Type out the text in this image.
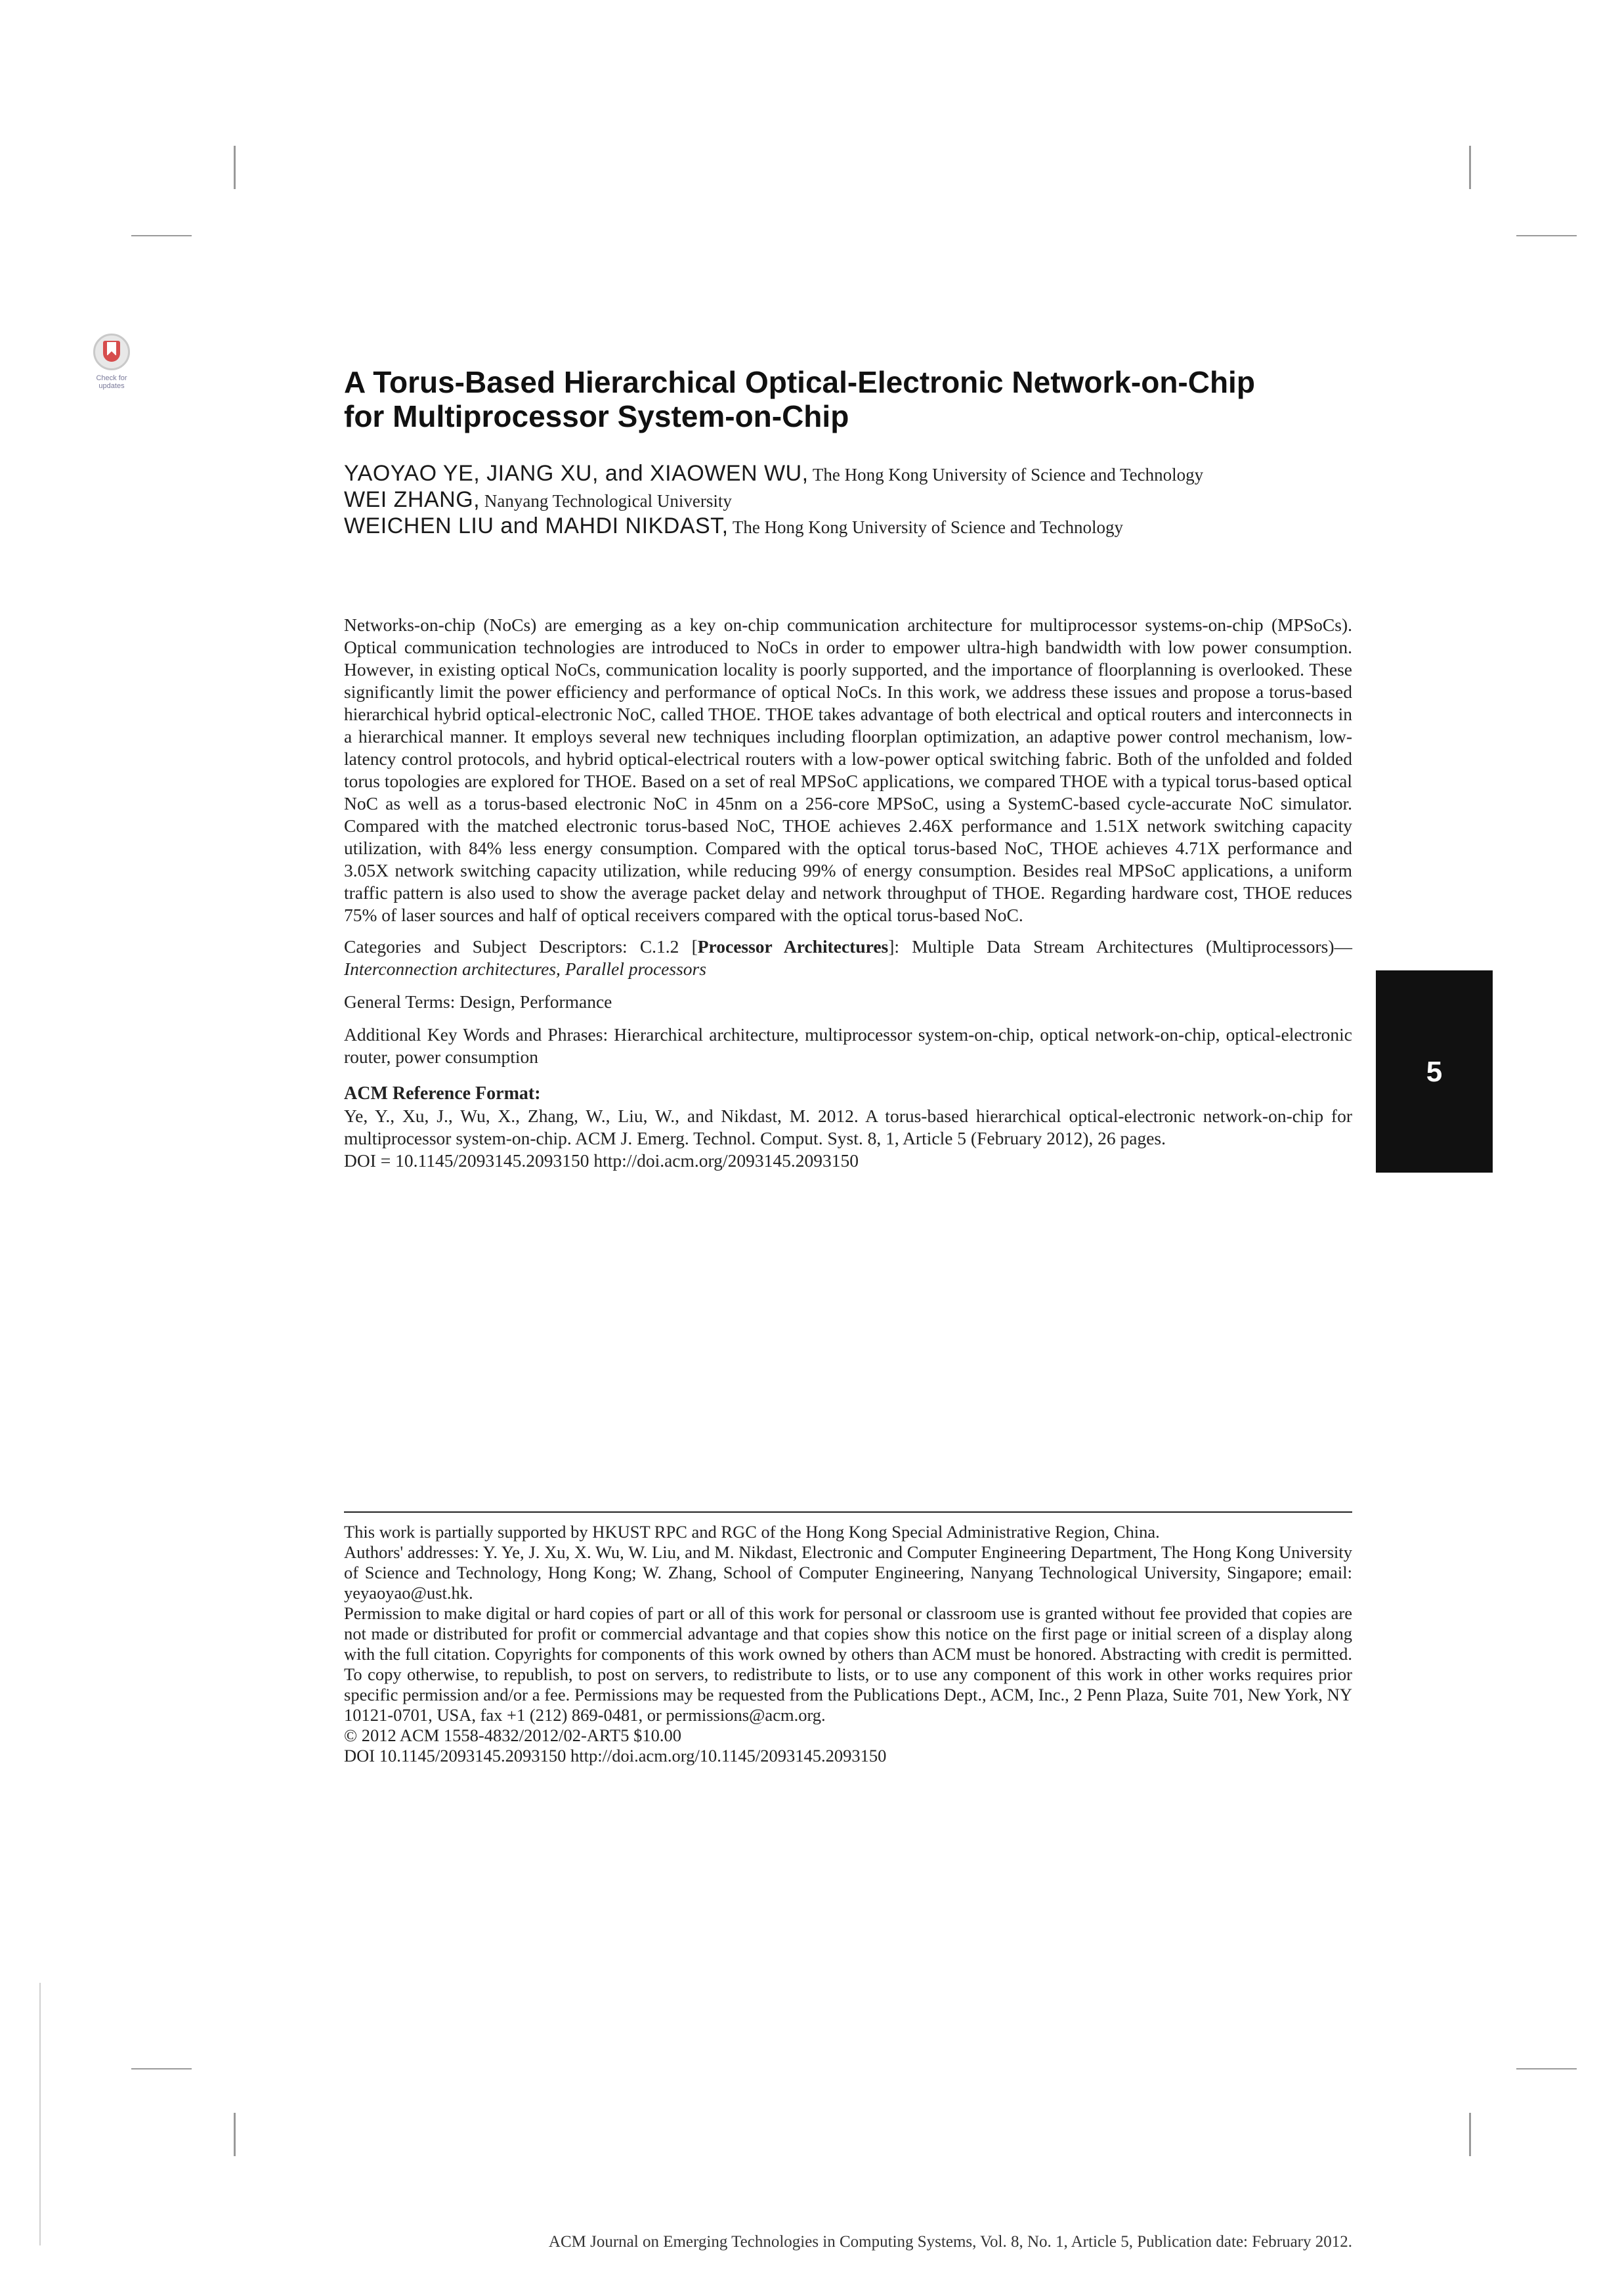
Check for updates	A Torus-Based Hierarchical Optical-Electronic Network-on-Chip
for Multiprocessor System-on-Chip
YAOYAO YE, JIANG XU, and XIAOWEN WU, The Hong Kong University of Science and Technology
WEI ZHANG, Nanyang Technological University
WEICHEN LIU and MAHDI NIKDAST, The Hong Kong University of Science and Technology

Networks-on-chip (NoCs) are emerging as a key on-chip communication architecture for multiprocessor systems-on-chip (MPSoCs). Optical communication technologies are introduced to NoCs in order to empower ultra-high bandwidth with low power consumption. However, in existing optical NoCs, communication locality is poorly supported, and the importance of floorplanning is overlooked. These significantly limit the power efficiency and performance of optical NoCs. In this work, we address these issues and propose a torus-based hierarchical hybrid optical-electronic NoC, called THOE. THOE takes advantage of both electrical and optical routers and interconnects in a hierarchical manner. It employs several new techniques including floorplan optimization, an adaptive power control mechanism, low-latency control protocols, and hybrid optical-electrical routers with a low-power optical switching fabric. Both of the unfolded and folded torus topologies are explored for THOE. Based on a set of real MPSoC applications, we compared THOE with a typical torus-based optical NoC as well as a torus-based electronic NoC in 45nm on a 256-core MPSoC, using a SystemC-based cycle-accurate NoC simulator. Compared with the matched electronic torus-based NoC, THOE achieves 2.46X performance and 1.51X network switching capacity utilization, with 84% less energy consumption. Compared with the optical torus-based NoC, THOE achieves 4.71X performance and 3.05X network switching capacity utilization, while reducing 99% of energy consumption. Besides real MPSoC applications, a uniform traffic pattern is also used to show the average packet delay and network throughput of THOE. Regarding hardware cost, THOE reduces 75% of laser sources and half of optical receivers compared with the optical torus-based NoC.

Categories and Subject Descriptors: C.1.2 [Processor Architectures]: Multiple Data Stream Architectures (Multiprocessors)—Interconnection architectures, Parallel processors

General Terms: Design, Performance

Additional Key Words and Phrases: Hierarchical architecture, multiprocessor system-on-chip, optical network-on-chip, optical-electronic router, power consumption

ACM Reference Format:

Ye, Y., Xu, J., Wu, X., Zhang, W., Liu, W., and Nikdast, M. 2012. A torus-based hierarchical optical-electronic network-on-chip for multiprocessor system-on-chip. ACM J. Emerg. Technol. Comput. Syst. 8, 1, Article 5 (February 2012), 26 pages.

DOI = 10.1145/2093145.2093150 http://doi.acm.org/2093145.2093150

This work is partially supported by HKUST RPC and RGC of the Hong Kong Special Administrative Region, China.

Authors' addresses: Y. Ye, J. Xu, X. Wu, W. Liu, and M. Nikdast, Electronic and Computer Engineering Department, The Hong Kong University of Science and Technology, Hong Kong; W. Zhang, School of Computer Engineering, Nanyang Technological University, Singapore; email: yeyaoyao@ust.hk.

Permission to make digital or hard copies of part or all of this work for personal or classroom use is granted without fee provided that copies are not made or distributed for profit or commercial advantage and that copies show this notice on the first page or initial screen of a display along with the full citation. Copyrights for components of this work owned by others than ACM must be honored. Abstracting with credit is permitted. To copy otherwise, to republish, to post on servers, to redistribute to lists, or to use any component of this work in other works requires prior specific permission and/or a fee. Permissions may be requested from the Publications Dept., ACM, Inc., 2 Penn Plaza, Suite 701, New York, NY 10121-0701, USA, fax +1 (212) 869-0481, or permissions@acm.org.

© 2012 ACM 1558-4832/2012/02-ART5 $10.00

DOI 10.1145/2093145.2093150 http://doi.acm.org/10.1145/2093145.2093150

ACM Journal on Emerging Technologies in Computing Systems, Vol. 8, No. 1, Article 5, Publication date: February 2012.
5
